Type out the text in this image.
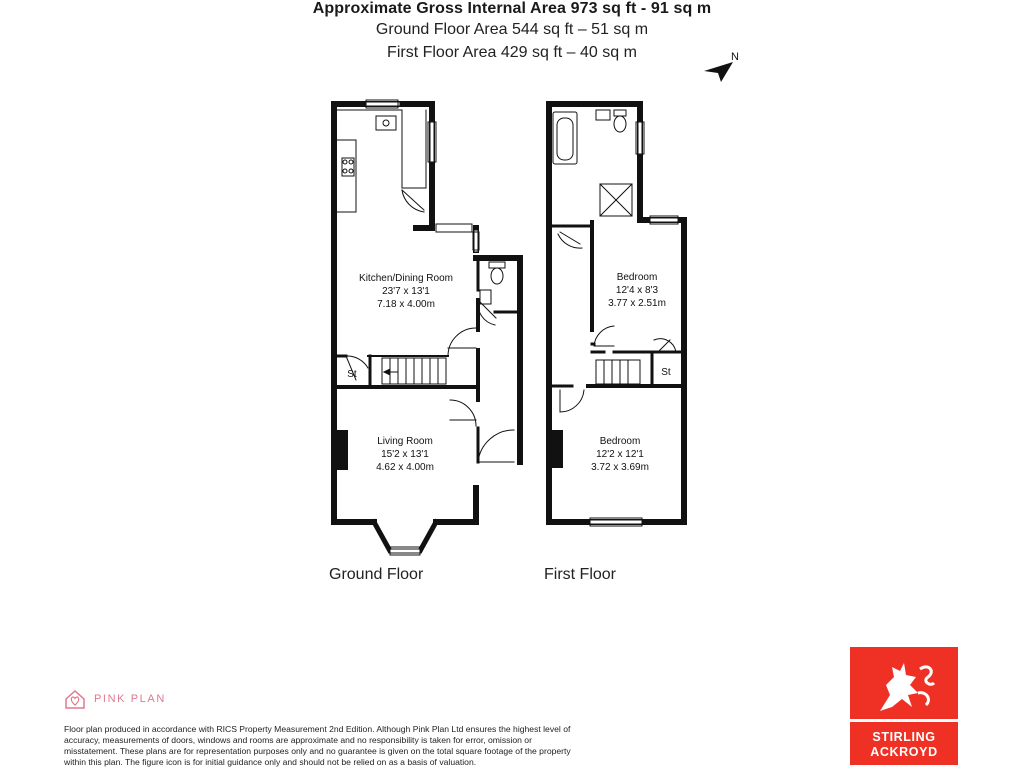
Approximate Gross Internal Area 973 sq ft - 91 sq m
Ground Floor Area 544 sq ft – 51 sq m
First Floor Area 429 sq ft – 40 sq m	N
Kitchen/Dining Room
23'7 x 13'1
7.18 x 4.00m
Living Room
15'2 x 13'1
4.62 x 4.00m
St
Bedroom
12'4 x 8'3
3.77 x 2.51m
Bedroom
12'2 x 12'1
3.72 x 3.69m
St
Ground Floor	First Floor
PINK PLAN
Floor plan produced in accordance with RICS Property Measurement 2nd Edition. Although Pink Plan Ltd ensures the highest level of accuracy, measurements of doors, windows and rooms are approximate and no responsibility is taken for error, omission or misstatement. These plans are for representation purposes only and no guarantee is given on the total square footage of the property within this plan. The figure icon is for initial guidance only and should not be relied on as a basis of valuation.
STIRLING
ACKROYD
